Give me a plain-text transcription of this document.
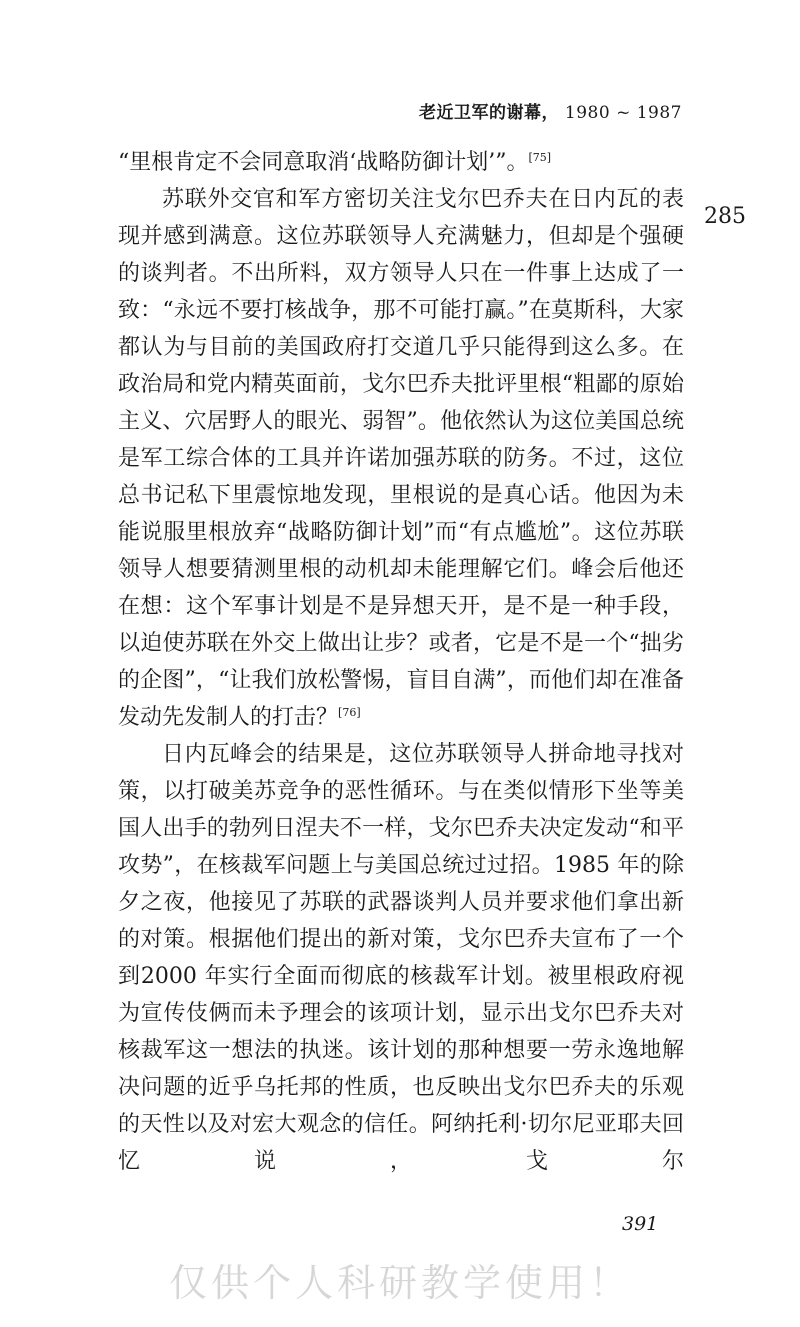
老近卫军的谢幕， 1980 ~ 1987
285

“里根肯定不会同意取消‘战略防御计划’”。[75]

苏联外交官和军方密切关注戈尔巴乔夫在日内瓦的表现并感到满意。这位苏联领导人充满魅力，但却是个强硬的谈判者。不出所料，双方领导人只在一件事上达成了一致：“永远不要打核战争，那不可能打赢。”在莫斯科，大家都认为与目前的美国政府打交道几乎只能得到这么多。在政治局和党内精英面前，戈尔巴乔夫批评里根“粗鄙的原始主义、穴居野人的眼光、弱智”。他依然认为这位美国总统是军工综合体的工具并许诺加强苏联的防务。不过，这位总书记私下里震惊地发现，里根说的是真心话。他因为未能说服里根放弃“战略防御计划”而“有点尴尬”。这位苏联领导人想要猜测里根的动机却未能理解它们。峰会后他还在想：这个军事计划是不是异想天开，是不是一种手段，以迫使苏联在外交上做出让步？或者，它是不是一个“拙劣的企图”，“让我们放松警惕，盲目自满”，而他们却在准备发动先发制人的打击？[76]

日内瓦峰会的结果是，这位苏联领导人拼命地寻找对策，以打破美苏竞争的恶性循环。与在类似情形下坐等美国人出手的勃列日涅夫不一样，戈尔巴乔夫决定发动“和平攻势”，在核裁军问题上与美国总统过过招。1985 年的除夕之夜，他接见了苏联的武器谈判人员并要求他们拿出新的对策。根据他们提出的新对策，戈尔巴乔夫宣布了一个到2000 年实行全面而彻底的核裁军计划。被里根政府视为宣传伎俩而未予理会的该项计划，显示出戈尔巴乔夫对核裁军这一想法的执迷。该计划的那种想要一劳永逸地解决问题的近乎乌托邦的性质，也反映出戈尔巴乔夫的乐观的天性以及对宏大观念的信任。阿纳托利·切尔尼亚耶夫回忆说，戈尔

391
仅供个人科研教学使用！
